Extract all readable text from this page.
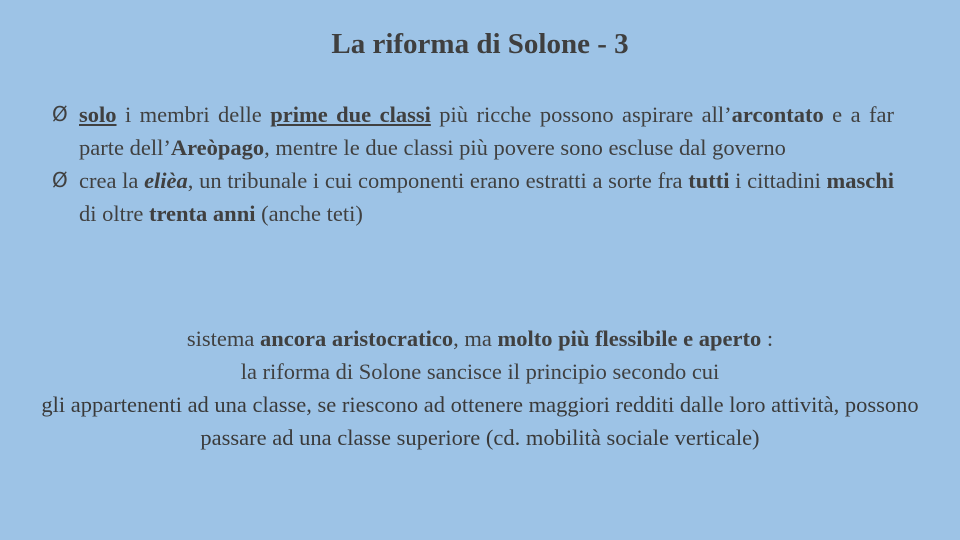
La riforma di Solone - 3
Ø solo i membri delle prime due classi più ricche possono aspirare all’arcontato e a far parte dell’Areòpago, mentre le due classi più povere sono escluse dal governo
Ø crea la elièa, un tribunale i cui componenti erano estratti a sorte fra tutti i cittadini maschi di oltre trenta anni (anche teti)
sistema ancora aristocratico, ma molto più flessibile e aperto :
la riforma di Solone sancisce il principio secondo cui
gli appartenenti ad una classe, se riescono ad ottenere maggiori redditi dalle loro attività, possono passare ad una classe superiore (cd. mobilità sociale verticale)
